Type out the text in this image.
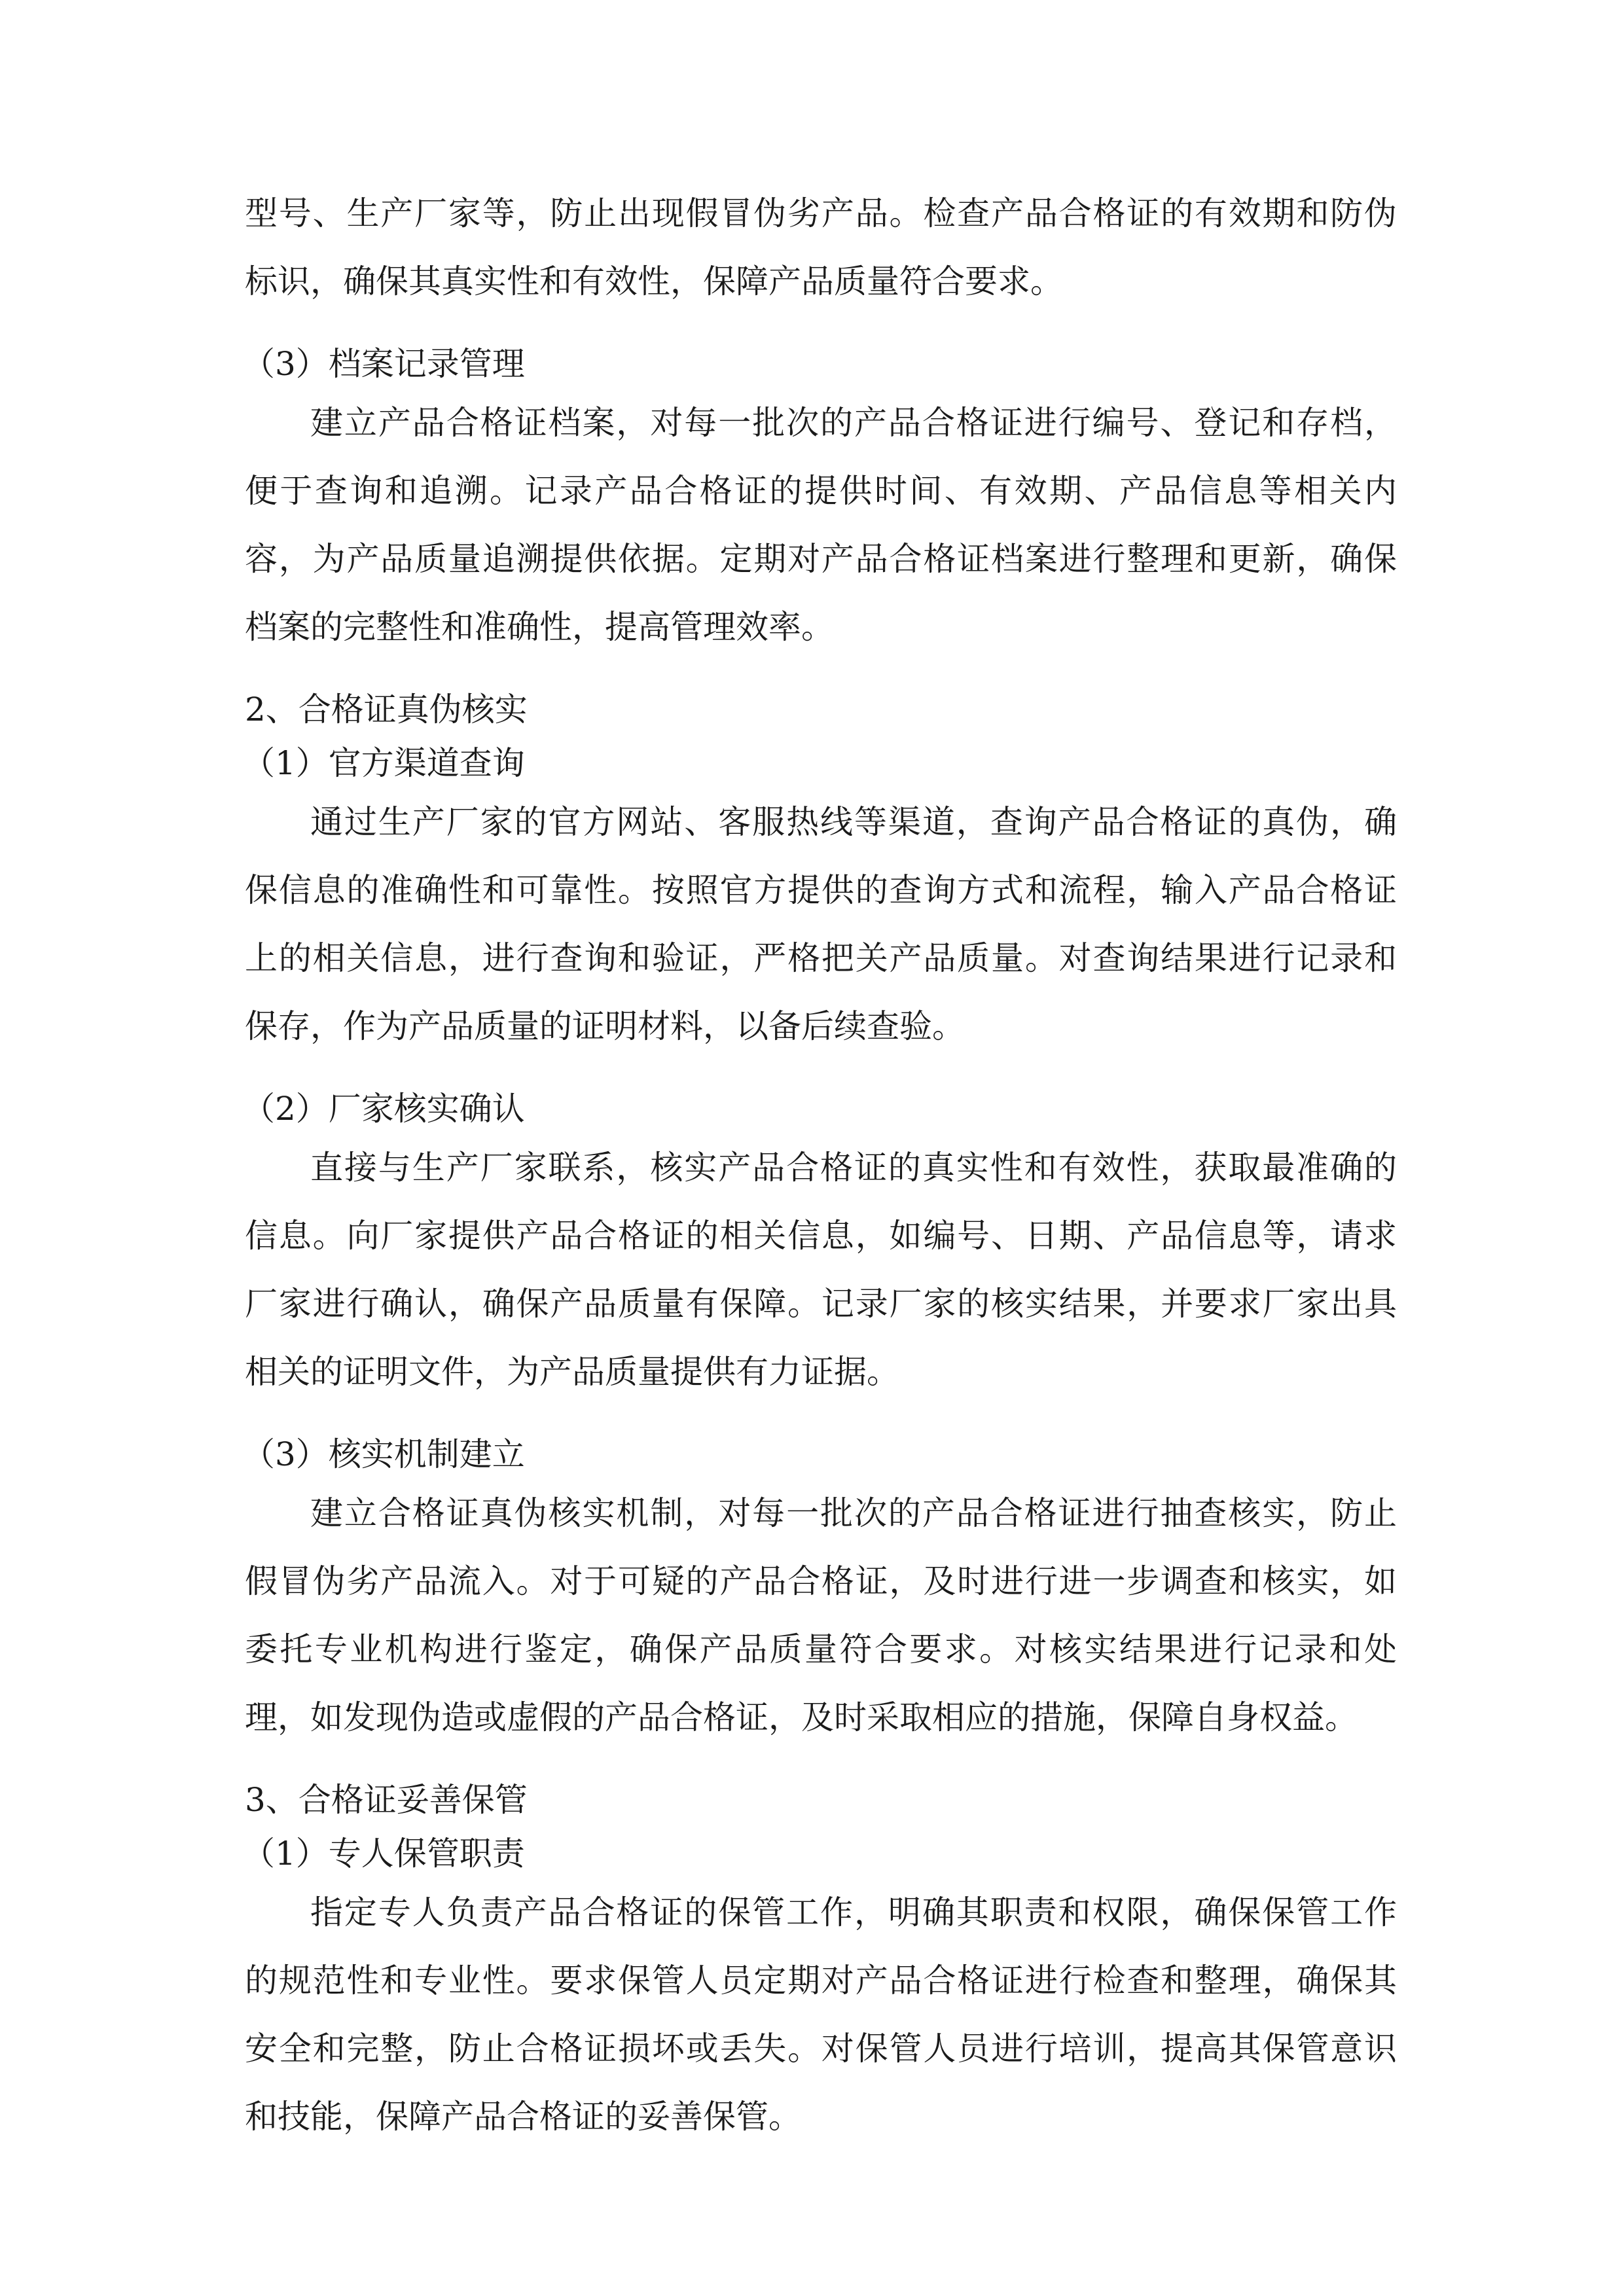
型号、生产厂家等，防止出现假冒伪劣产品。检查产品合格证的有效期和防伪
标识，确保其真实性和有效性，保障产品质量符合要求。
（3）档案记录管理
建立产品合格证档案，对每一批次的产品合格证进行编号、登记和存档，
便于查询和追溯。记录产品合格证的提供时间、有效期、产品信息等相关内
容，为产品质量追溯提供依据。定期对产品合格证档案进行整理和更新，确保
档案的完整性和准确性，提高管理效率。
2、合格证真伪核实
（1）官方渠道查询
通过生产厂家的官方网站、客服热线等渠道，查询产品合格证的真伪，确
保信息的准确性和可靠性。按照官方提供的查询方式和流程，输入产品合格证
上的相关信息，进行查询和验证，严格把关产品质量。对查询结果进行记录和
保存，作为产品质量的证明材料，以备后续查验。
（2）厂家核实确认
直接与生产厂家联系，核实产品合格证的真实性和有效性，获取最准确的
信息。向厂家提供产品合格证的相关信息，如编号、日期、产品信息等，请求
厂家进行确认，确保产品质量有保障。记录厂家的核实结果，并要求厂家出具
相关的证明文件，为产品质量提供有力证据。
（3）核实机制建立
建立合格证真伪核实机制，对每一批次的产品合格证进行抽查核实，防止
假冒伪劣产品流入。对于可疑的产品合格证，及时进行进一步调查和核实，如
委托专业机构进行鉴定，确保产品质量符合要求。对核实结果进行记录和处
理，如发现伪造或虚假的产品合格证，及时采取相应的措施，保障自身权益。
3、合格证妥善保管
（1）专人保管职责
指定专人负责产品合格证的保管工作，明确其职责和权限，确保保管工作
的规范性和专业性。要求保管人员定期对产品合格证进行检查和整理，确保其
安全和完整，防止合格证损坏或丢失。对保管人员进行培训，提高其保管意识
和技能，保障产品合格证的妥善保管。
